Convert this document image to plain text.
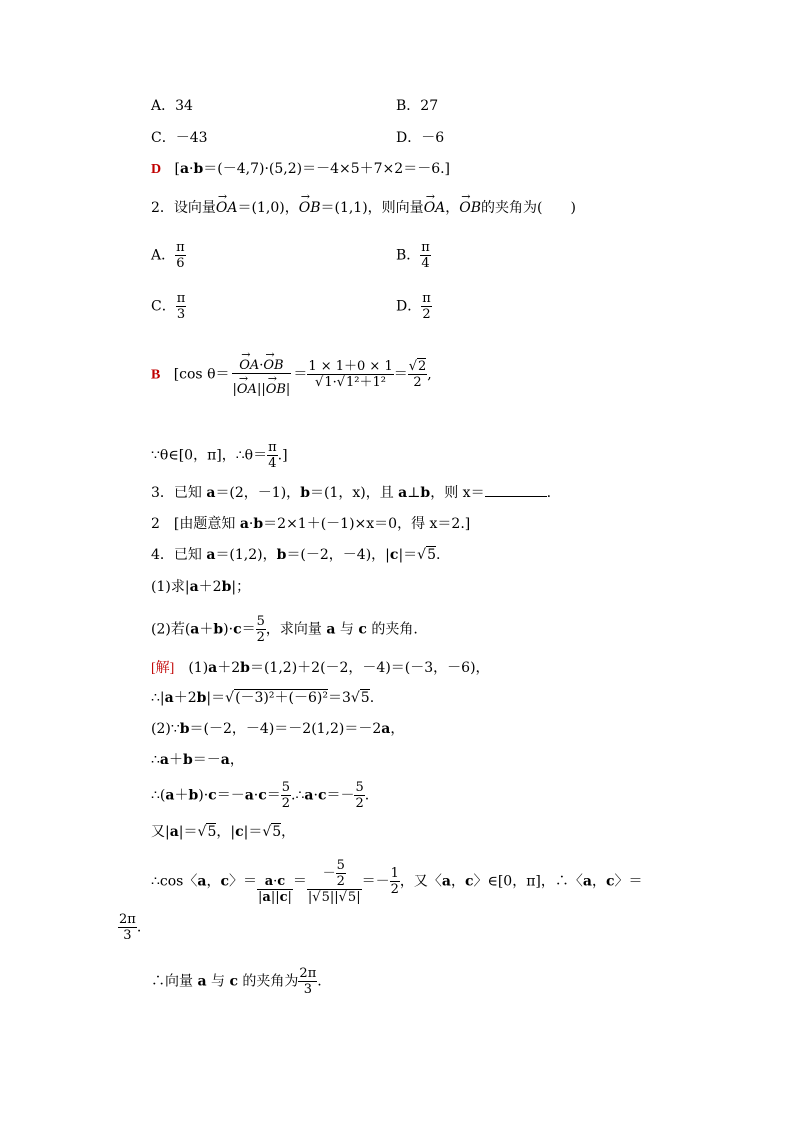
A．34	B．27
C．－43	D．－6
D [a·b＝(－4,7)·(5,2)＝－4×5＋7×2＝－6.]
2．设向量→ OA＝(1,0)，→ OB＝(1,1)，则向量→ OA，→ OB的夹角为(　　)
A． $\frac{\pi}{6}$	B． $\frac{\pi}{4}$
C． $\frac{\pi}{3}$	D． $\frac{\pi}{2}$
B [cos θ＝
→ $\frac{OA\cdot\to OB}{|\to OA||\to OB|} = \frac{1 \times 1+0 \times 1}{\text{√1·√1²＋1²}} = \frac{√2}{2}$ ,
∵θ∈[0，π]，∴θ＝ $\frac{\pi}{4}$ .]
3．已知 a＝(2，－1)，b＝(1，x)，且 a⊥b，则 x＝	.
2　[由题意知 a·b＝2×1＋(－1)×x＝0，得 x＝2.]
4．已知 a＝(1,2)，b＝(－2，－4)，|c|＝√5.
(1)求|a＋2b|；
(2)若$(a+b)\cdot c= \frac{5}{2}$ ，求向量 a 与 c 的夹角.
[解]　(1)a＋2b＝(1,2)＋2(－2，－4)＝(－3，－6)，
∴|a＋2b|＝√(－3)²＋(－6)²＝3√5.
(2)∵b＝(－2，－4)＝－2(1,2)＝－2a，
∴a＋b＝－a，
∴(a＋b)·c＝－a·c＝ $\frac{5}{2}$ .∴a·c＝－ $\frac{5}{2}$ .
又|a|＝√5，|c|＝√5，
∴cos〈a，c〉＝ $\frac{a\cdot c}{|a||c|} = \frac{- \frac{5}{2}}{|√5||√5|} =- \frac{1}{2}$ ，又〈a，c〉∈[0，π]，∴〈a，c〉＝
$\frac{2\pi}{3}$ .
∴向量 a 与 c 的夹角为 $\frac{2\pi}{3}$ .
